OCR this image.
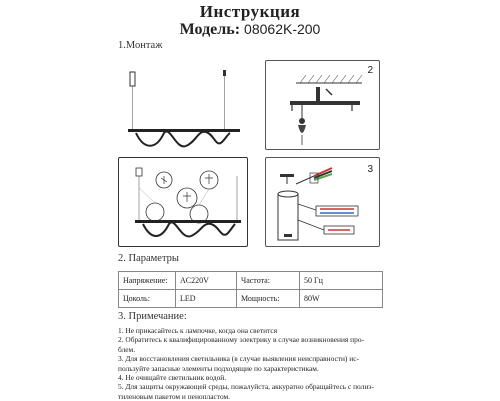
Инструкция
Модель: 08062K-200
1.Монтаж
2
3
2. Параметры
Напряжение:	AC220V	Частота:	50 Гц
Цоколь:	LED	Мощность:	80W
3. Примечание:
1. Не прикасайтесь к лампочке, когда она светится
2. Обратитесь к квалифицированному электрику в случае возникновения про-
блем.
3. Для восстановления светильника (в случае выявления неисправности) ис-
пользуйте запасные элементы подходящие по характеристикам.
4. Не очищайте светильник водой.
5. Для защиты окружающей среды, пожалуйста, аккуратно обращайтесь с полиэ-
тиленовым пакетом и пенопластом.
